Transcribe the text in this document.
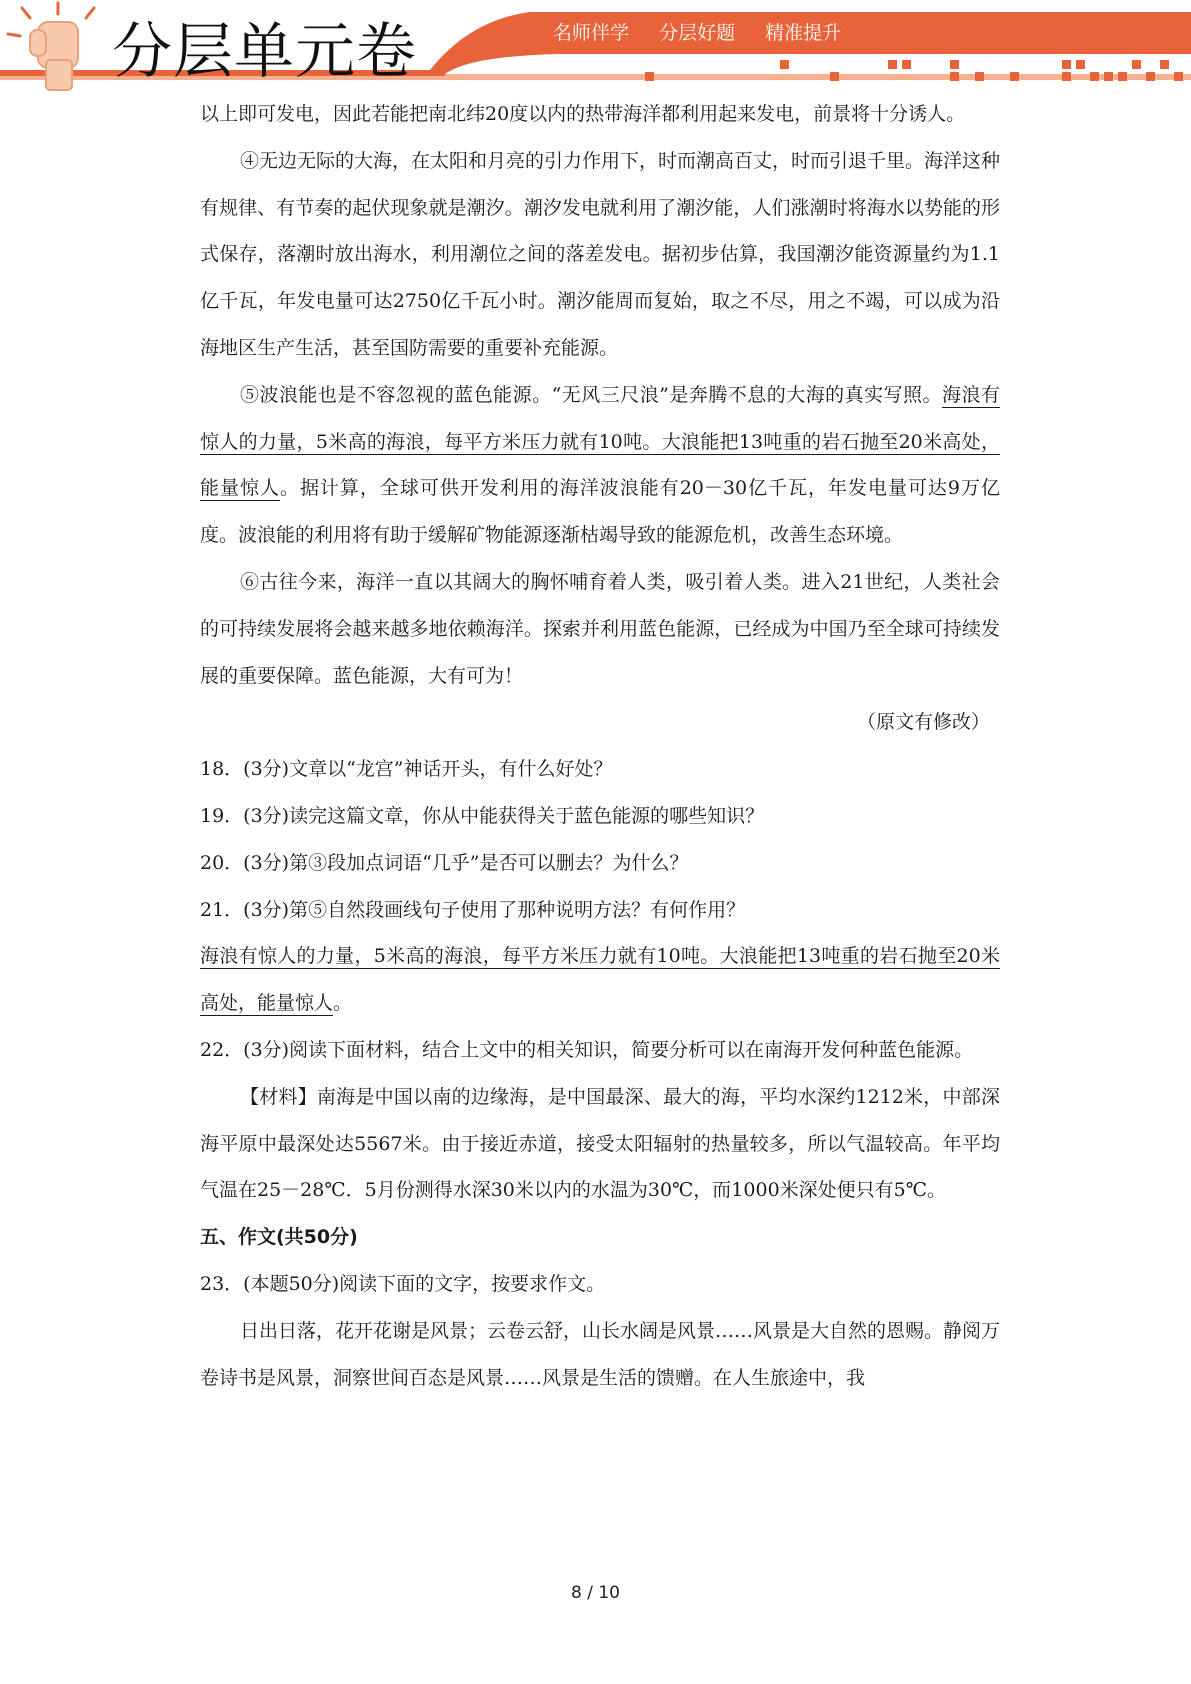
分层单元卷	名师伴学 分层好题 精准提升

以上即可发电，因此若能把南北纬20度以内的热带海洋都利用起来发电，前景将十分诱人。

④无边无际的大海，在太阳和月亮的引力作用下，时而潮高百丈，时而引退千里。海洋这种有规律、有节奏的起伏现象就是潮汐。潮汐发电就利用了潮汐能，人们涨潮时将海水以势能的形式保存，落潮时放出海水，利用潮位之间的落差发电。据初步估算，我国潮汐能资源量约为1.1亿千瓦，年发电量可达2750亿千瓦小时。潮汐能周而复始，取之不尽，用之不竭，可以成为沿海地区生产生活，甚至国防需要的重要补充能源。

⑤波浪能也是不容忽视的蓝色能源。“无风三尺浪”是奔腾不息的大海的真实写照。海浪有惊人的力量，5米高的海浪，每平方米压力就有10吨。大浪能把13吨重的岩石抛至20米高处，能量惊人。据计算，全球可供开发利用的海洋波浪能有20－30亿千瓦，年发电量可达9万亿度。波浪能的利用将有助于缓解矿物能源逐渐枯竭导致的能源危机，改善生态环境。

⑥古往今来，海洋一直以其阔大的胸怀哺育着人类，吸引着人类。进入21世纪，人类社会的可持续发展将会越来越多地依赖海洋。探索并利用蓝色能源，已经成为中国乃至全球可持续发展的重要保障。蓝色能源，大有可为！

（原文有修改）

18．(3分)文章以“龙宫”神话开头，有什么好处？

19．(3分)读完这篇文章，你从中能获得关于蓝色能源的哪些知识？

20．(3分)第③段加点词语“几乎”是否可以删去？为什么？

21．(3分)第⑤自然段画线句子使用了那种说明方法？有何作用？

海浪有惊人的力量，5米高的海浪，每平方米压力就有10吨。大浪能把13吨重的岩石抛至20米高处，能量惊人。

22．(3分)阅读下面材料，结合上文中的相关知识，简要分析可以在南海开发何种蓝色能源。

【材料】南海是中国以南的边缘海，是中国最深、最大的海，平均水深约1212米，中部深海平原中最深处达5567米。由于接近赤道，接受太阳辐射的热量较多，所以气温较高。年平均气温在25－28℃．5月份测得水深30米以内的水温为30℃，而1000米深处便只有5℃。

五、作文(共50分)

23．(本题50分)阅读下面的文字，按要求作文。

日出日落，花开花谢是风景；云卷云舒，山长水阔是风景……风景是大自然的恩赐。静阅万卷诗书是风景，洞察世间百态是风景……风景是生活的馈赠。在人生旅途中，我

8 / 10
